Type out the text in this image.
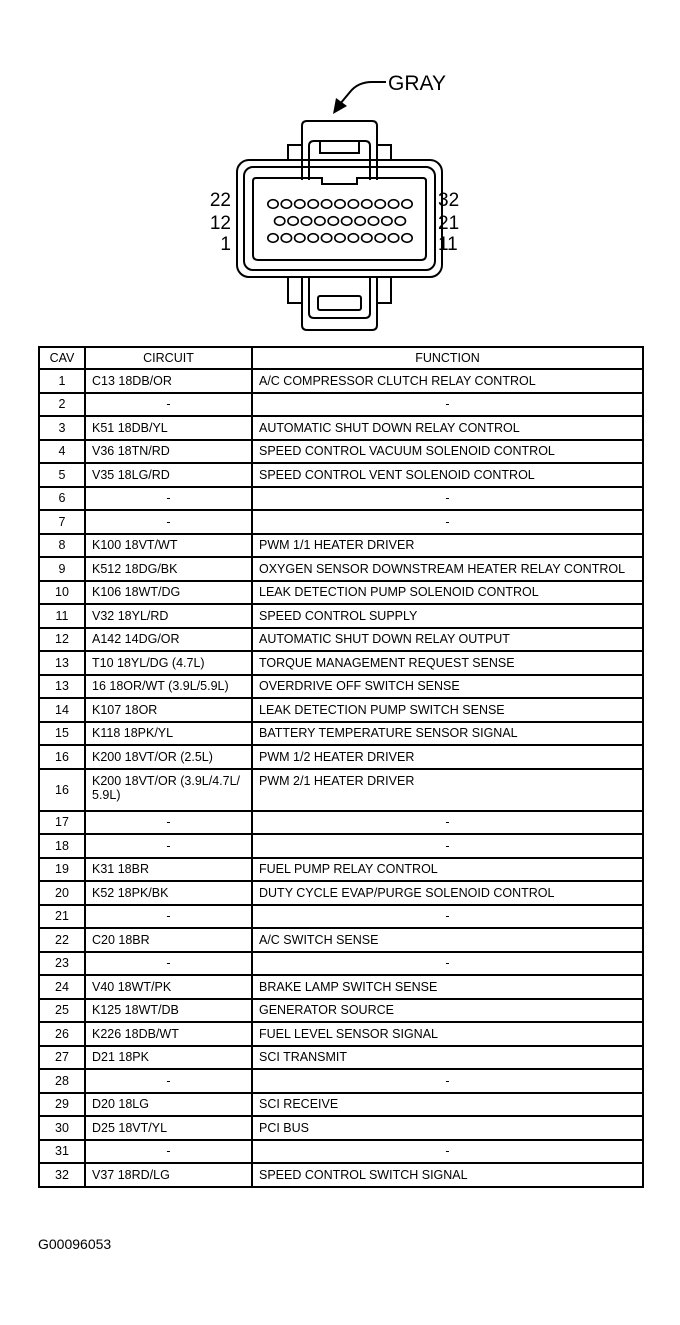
GRAY
22
12
1
32
21
11
CAV	CIRCUIT	FUNCTION
1	C13 18DB/OR	A/C COMPRESSOR CLUTCH RELAY CONTROL
2	-	-
3	K51 18DB/YL	AUTOMATIC SHUT DOWN RELAY CONTROL
4	V36 18TN/RD	SPEED CONTROL VACUUM SOLENOID CONTROL
5	V35 18LG/RD	SPEED CONTROL VENT SOLENOID CONTROL
6	-	-
7	-	-
8	K100 18VT/WT	PWM 1/1 HEATER DRIVER
9	K512 18DG/BK	OXYGEN SENSOR DOWNSTREAM HEATER RELAY CONTROL
10	K106 18WT/DG	LEAK DETECTION PUMP SOLENOID CONTROL
11	V32 18YL/RD	SPEED CONTROL SUPPLY
12	A142 14DG/OR	AUTOMATIC SHUT DOWN RELAY OUTPUT
13	T10 18YL/DG (4.7L)	TORQUE MANAGEMENT REQUEST SENSE
13	16 18OR/WT (3.9L/5.9L)	OVERDRIVE OFF SWITCH SENSE
14	K107 18OR	LEAK DETECTION PUMP SWITCH SENSE
15	K118 18PK/YL	BATTERY TEMPERATURE SENSOR SIGNAL
16	K200 18VT/OR (2.5L)	PWM 1/2 HEATER DRIVER
16	K200 18VT/OR (3.9L/4.7L/ 5.9L)	PWM 2/1 HEATER DRIVER
17	-	-
18	-	-
19	K31 18BR	FUEL PUMP RELAY CONTROL
20	K52 18PK/BK	DUTY CYCLE EVAP/PURGE SOLENOID CONTROL
21	-	-
22	C20 18BR	A/C SWITCH SENSE
23	-	-
24	V40 18WT/PK	BRAKE LAMP SWITCH SENSE
25	K125 18WT/DB	GENERATOR SOURCE
26	K226 18DB/WT	FUEL LEVEL SENSOR SIGNAL
27	D21 18PK	SCI TRANSMIT
28	-	-
29	D20 18LG	SCI RECEIVE
30	D25 18VT/YL	PCI BUS
31	-	-
32	V37 18RD/LG	SPEED CONTROL SWITCH SIGNAL
G00096053
